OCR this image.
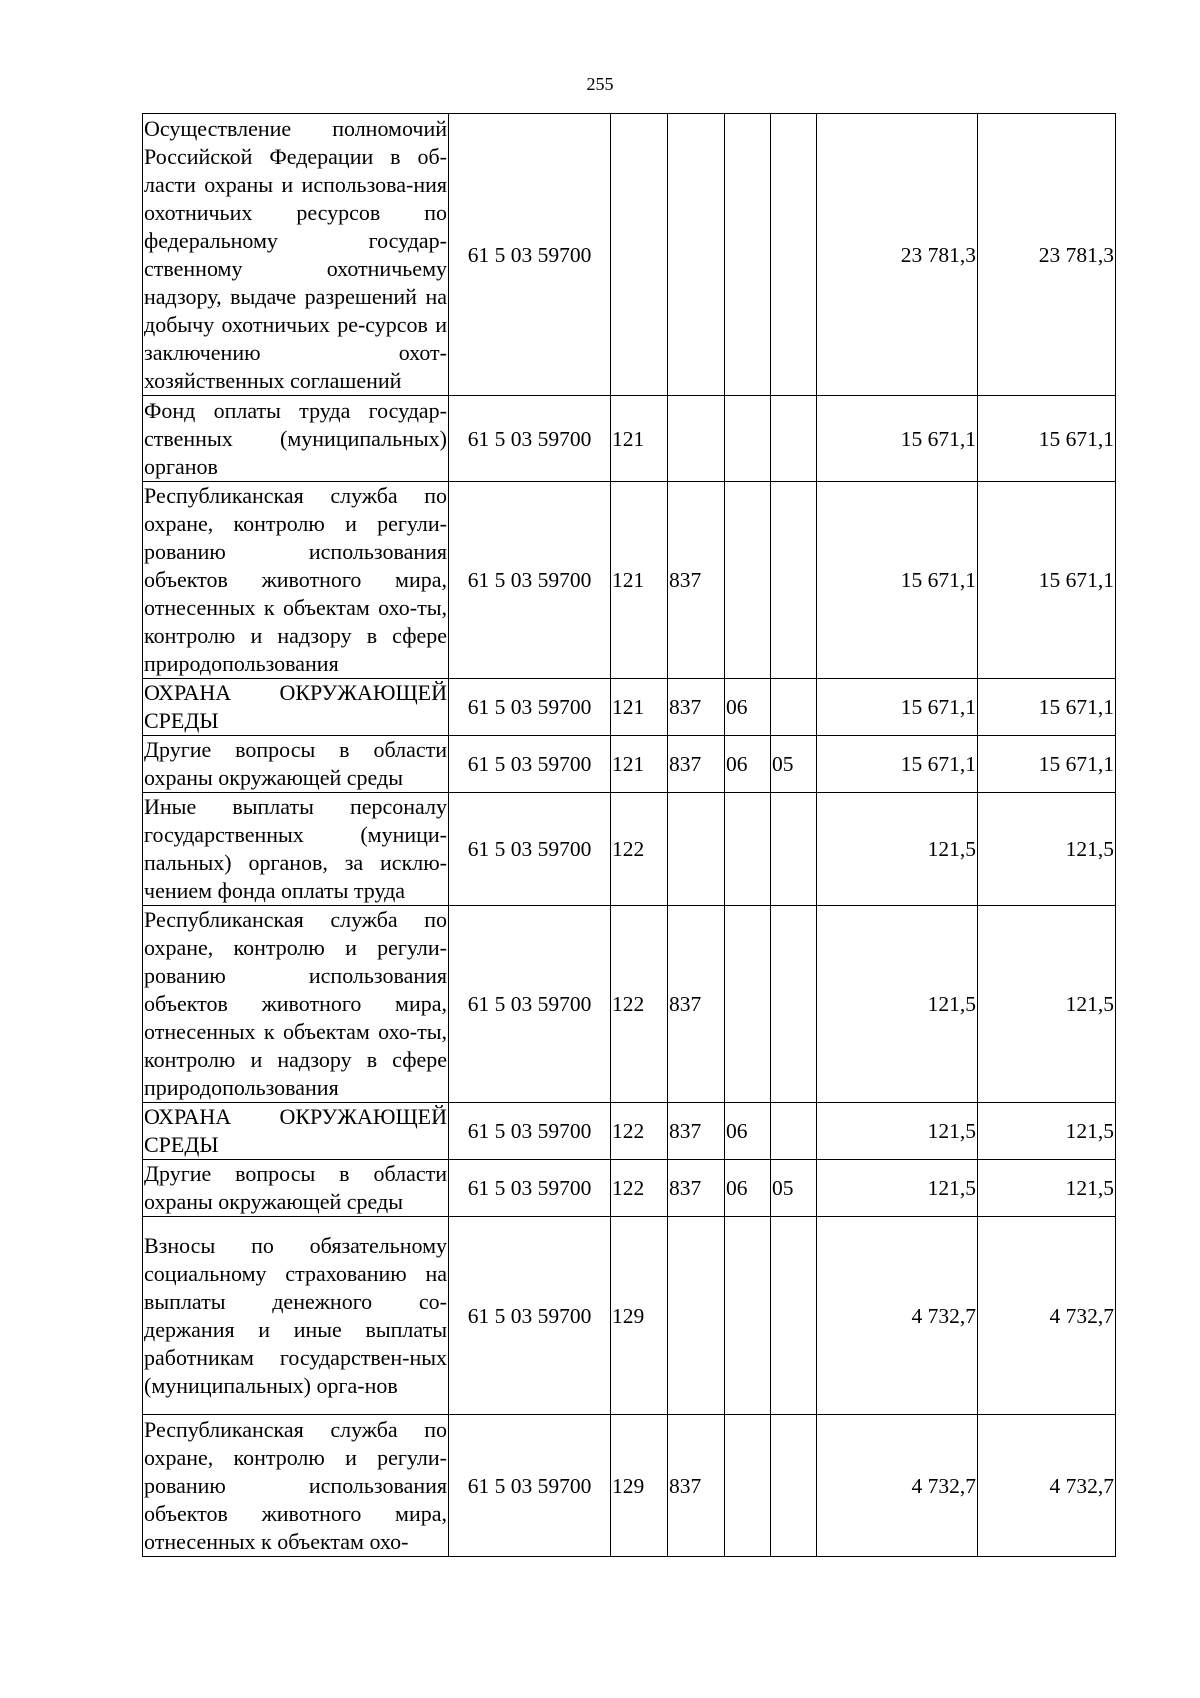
255
Осуществление полномочий Российской Федерации в об-ласти охраны и использова-ния охотничьих ресурсов по федеральному государ-ственному охотничьему надзору, выдаче разрешений на добычу охотничьих ре-сурсов и заключению охот-хозяйственных соглашений	61 5 03 59700					23 781,3	23 781,3
Фонд оплаты труда государ-ственных (муниципальных) органов	61 5 03 59700	121				15 671,1	15 671,1
Республиканская служба по охране, контролю и регули-рованию использования объектов животного мира, отнесенных к объектам охо-ты, контролю и надзору в сфере природопользования	61 5 03 59700	121	837			15 671,1	15 671,1
ОХРАНА ОКРУЖАЮЩЕЙ СРЕДЫ	61 5 03 59700	121	837	06		15 671,1	15 671,1
Другие вопросы в области охраны окружающей среды	61 5 03 59700	121	837	06	05	15 671,1	15 671,1
Иные выплаты персоналу государственных (муници-пальных) органов, за исклю-чением фонда оплаты труда	61 5 03 59700	122				121,5	121,5
Республиканская служба по охране, контролю и регули-рованию использования объектов животного мира, отнесенных к объектам охо-ты, контролю и надзору в сфере природопользования	61 5 03 59700	122	837			121,5	121,5
ОХРАНА ОКРУЖАЮЩЕЙ СРЕДЫ	61 5 03 59700	122	837	06		121,5	121,5
Другие вопросы в области охраны окружающей среды	61 5 03 59700	122	837	06	05	121,5	121,5
Взносы по обязательному социальному страхованию на выплаты денежного со-держания и иные выплаты работникам государствен-ных (муниципальных) орга-нов	61 5 03 59700	129				4 732,7	4 732,7
Республиканская служба по охране, контролю и регули-рованию использования объектов животного мира, отнесенных к объектам охо-	61 5 03 59700	129	837			4 732,7	4 732,7
